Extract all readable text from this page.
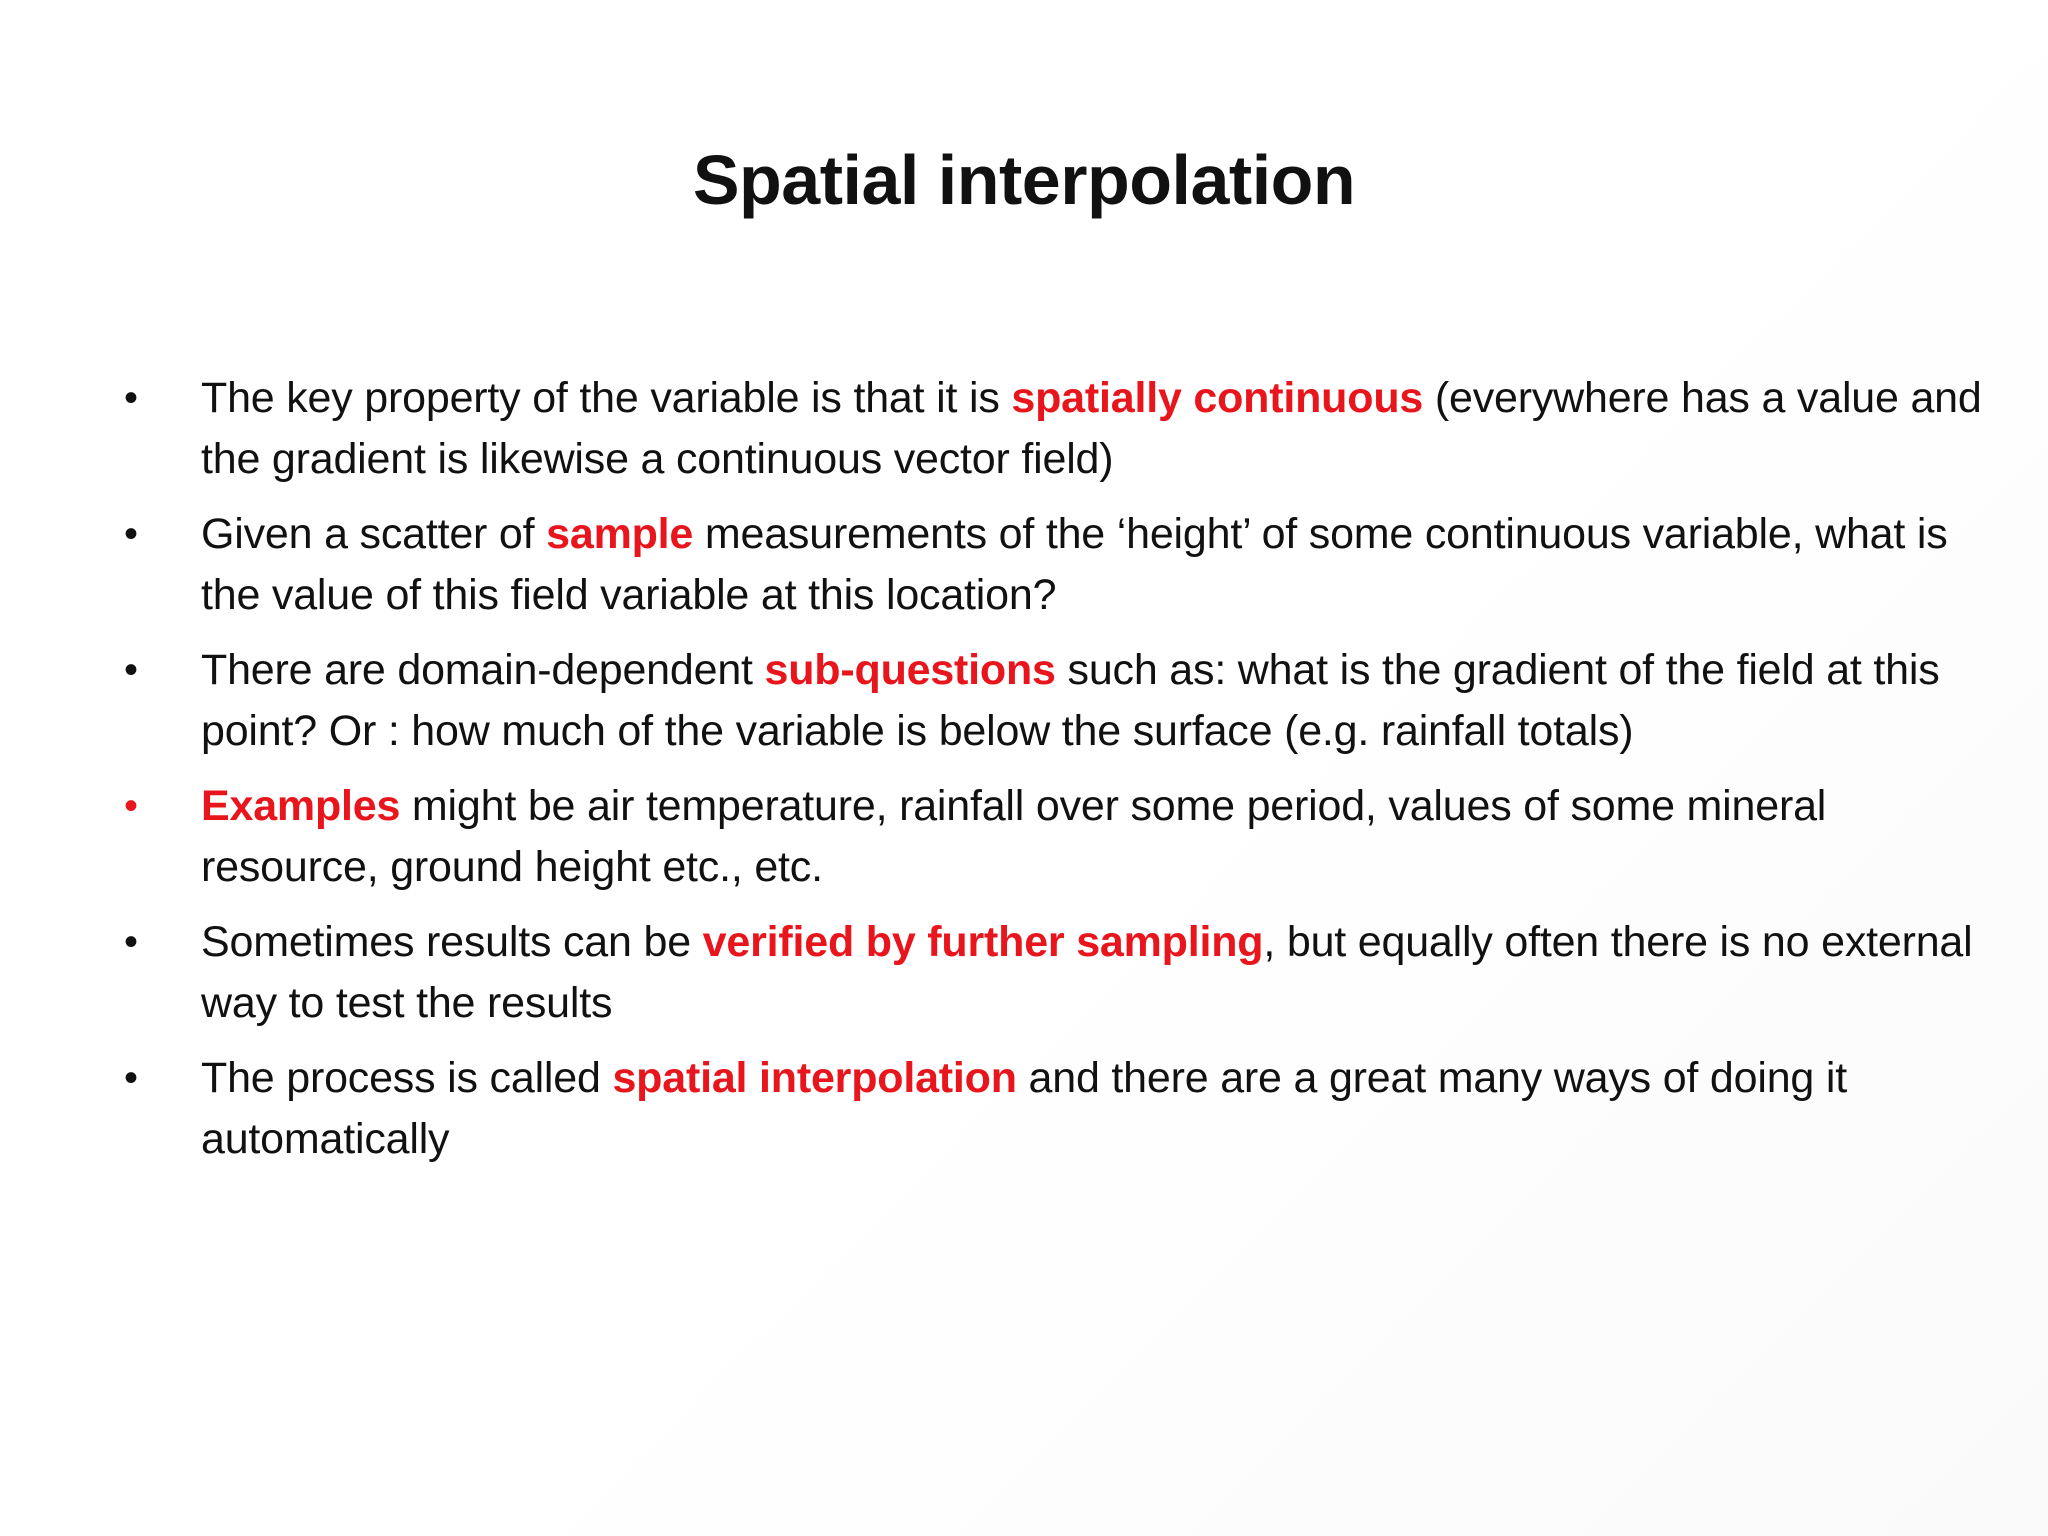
Spatial interpolation
• The key property of the variable is that it is spatially continuous (everywhere has a value and the gradient is likewise a continuous vector field)
• Given a scatter of sample measurements of the ‘height’ of some continuous variable, what is the value of this field variable at this location?
• There are domain-dependent sub-questions such as: what is the gradient of the field at this point? Or : how much of the variable is below the surface (e.g. rainfall totals)
• Examples might be air temperature, rainfall over some period, values of some mineral resource, ground height etc., etc.
• Sometimes results can be verified by further sampling, but equally often there is no external way to test the results
• The process is called spatial interpolation and there are a great many ways of doing it automatically
